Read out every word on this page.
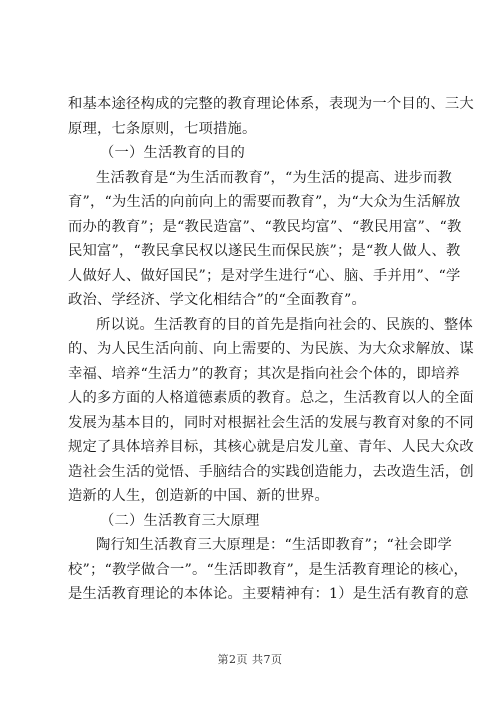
和基本途径构成的完整的教育理论体系，表现为一个目的、三大
原理，七条原则，七项措施。
（一）生活教育的目的
生活教育是“为生活而教育”，“为生活的提高、进步而教
育”，“为生活的向前向上的需要而教育”，为“大众为生活解放
而办的教育”；是“教民造富”、“教民均富”、“教民用富”、“教
民知富”，“教民拿民权以遂民生而保民族”；是“教人做人、教
人做好人、做好国民”；是对学生进行“心、脑、手并用”、“学
政治、学经济、学文化相结合”的“全面教育”。
所以说。生活教育的目的首先是指向社会的、民族的、整体
的、为人民生活向前、向上需要的、为民族、为大众求解放、谋
幸福、培养“生活力”的教育；其次是指向社会个体的，即培养
人的多方面的人格道德素质的教育。总之，生活教育以人的全面
发展为基本目的，同时对根据社会生活的发展与教育对象的不同
规定了具体培养目标，其核心就是启发儿童、青年、人民大众改
造社会生活的觉悟、手脑结合的实践创造能力，去改造生活，创
造新的人生，创造新的中国、新的世界。
（二）生活教育三大原理
陶行知生活教育三大原理是：“生活即教育”；“社会即学
校”；“教学做合一”。“生活即教育”，是生活教育理论的核心，
是生活教育理论的本体论。主要精神有：1）是生活有教育的意
第2页 共7页
